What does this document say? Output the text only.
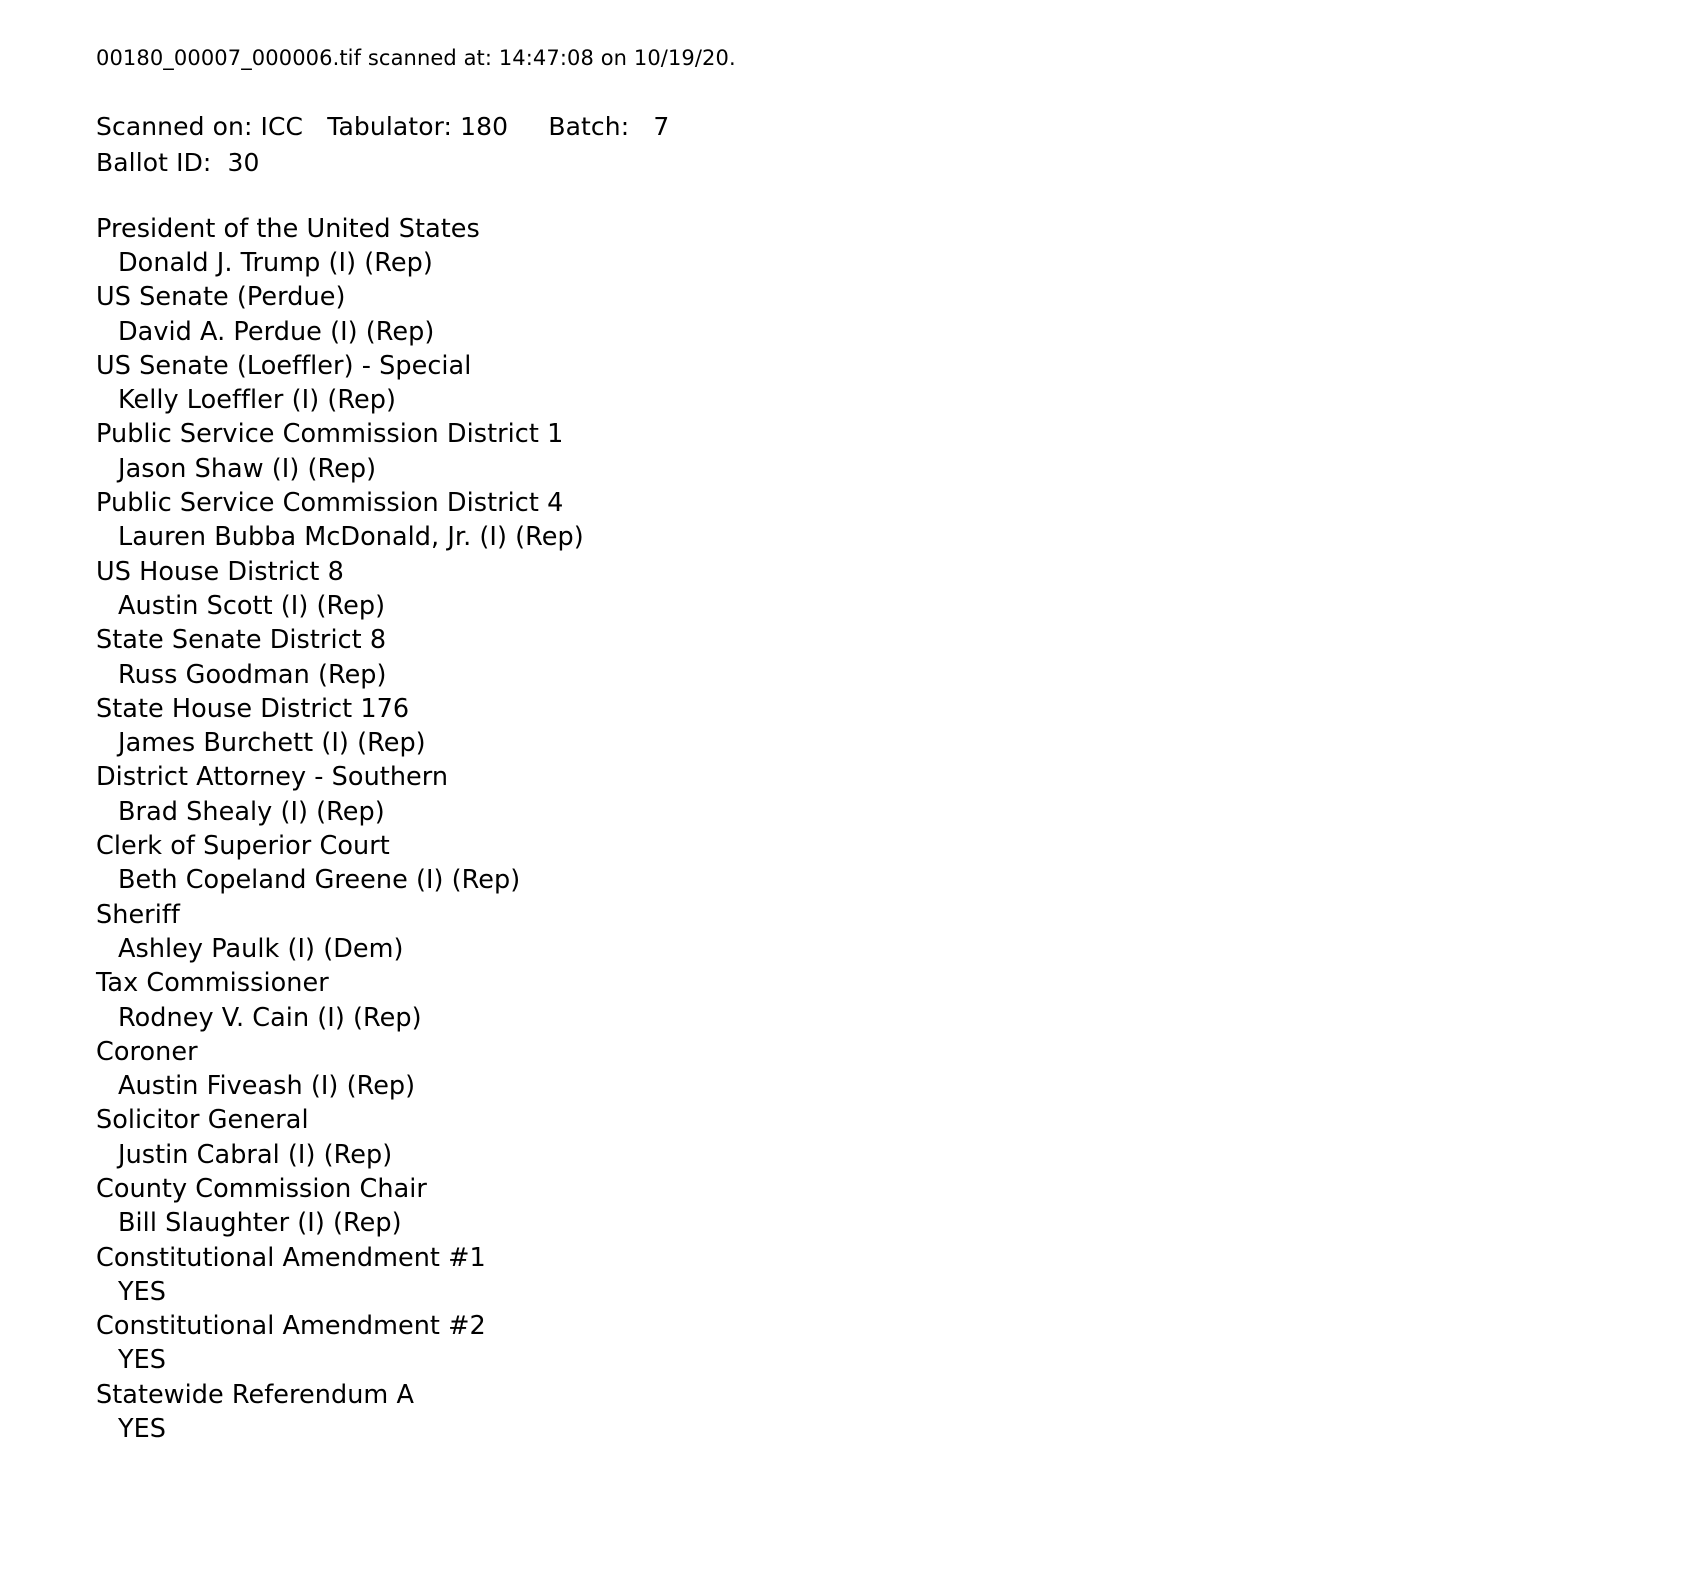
00180_00007_000006.tif scanned at: 14:47:08 on 10/19/20.
Scanned on: ICC   Tabulator: 180     Batch:   7
Ballot ID:  30
President of the United States
Donald J. Trump (I) (Rep)
US Senate (Perdue)
David A. Perdue (I) (Rep)
US Senate (Loeffler) - Special
Kelly Loeffler (I) (Rep)
Public Service Commission District 1
Jason Shaw (I) (Rep)
Public Service Commission District 4
Lauren Bubba McDonald, Jr. (I) (Rep)
US House District 8
Austin Scott (I) (Rep)
State Senate District 8
Russ Goodman (Rep)
State House District 176
James Burchett (I) (Rep)
District Attorney - Southern
Brad Shealy (I) (Rep)
Clerk of Superior Court
Beth Copeland Greene (I) (Rep)
Sheriff
Ashley Paulk (I) (Dem)
Tax Commissioner
Rodney V. Cain (I) (Rep)
Coroner
Austin Fiveash (I) (Rep)
Solicitor General
Justin Cabral (I) (Rep)
County Commission Chair
Bill Slaughter (I) (Rep)
Constitutional Amendment #1
YES
Constitutional Amendment #2
YES
Statewide Referendum A
YES
